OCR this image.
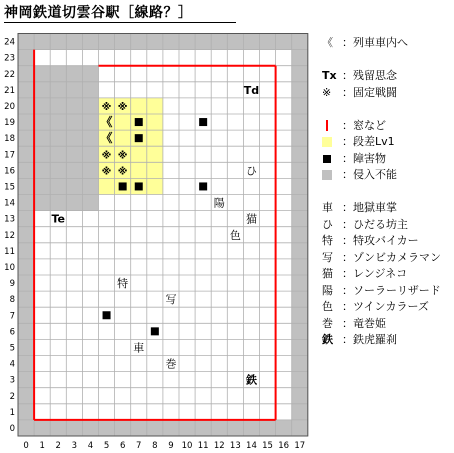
神岡鉄道切雲谷駅［線路？］
※ ※
《
《
※ ※
※ ※
Td
ひ
陽
猫
色
Te
特
写
車
巻
鉄
0 1 2 3 4 5 6 7 8 9 10 11 12 13 14 15 16 17
0
1
2
3
4
5
6
7
8
9
10
11
12
13
14
15
16
17
18
19
20
21
22
23
24	《 ：列車車内へ
Tx ：残留思念
※ ：固定戦闘
：窓など
：段差Lv1
：障害物
：侵入不能
車 ：地獄車掌
ひ ：ひだる坊主
特 ：特攻バイカー
写 ：ゾンビカメラマン
猫 ：レンジネコ
陽 ：ソーラーリザード
色 ：ツインカラーズ
巻 ：竜巻姫
鉄 ：鉄虎羅刹
